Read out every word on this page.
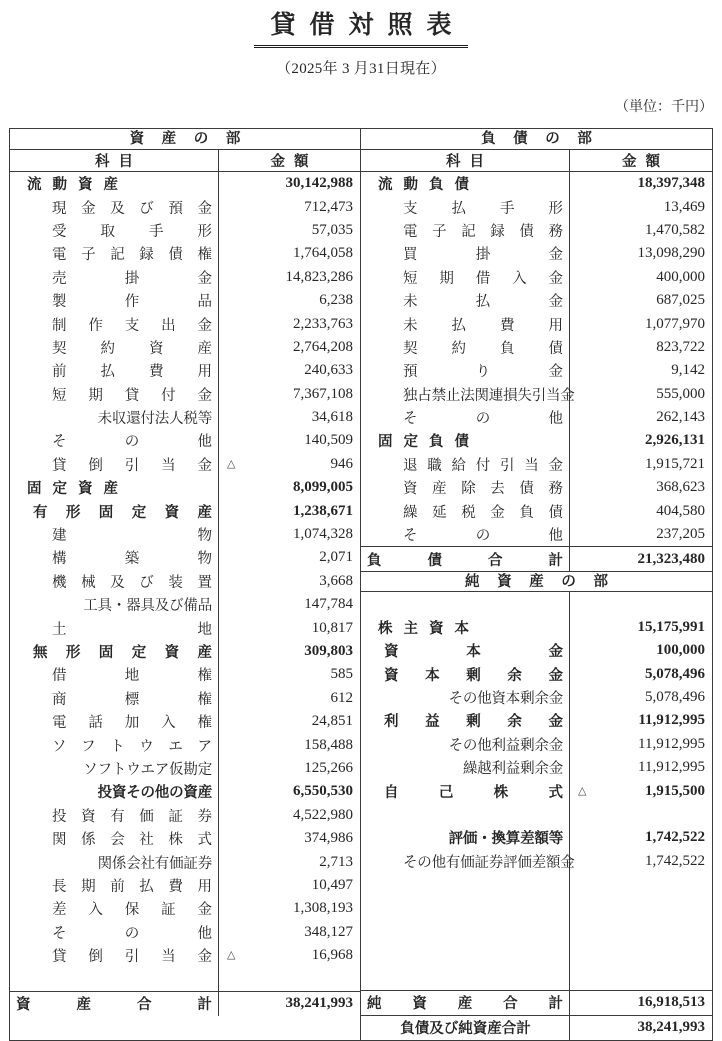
貸借対照表
（2025年 3 月31日現在）
（単位：千円）
資 産 の 部
科目	金額
流動資産	30,142,988
現金及び預金	712,473
受取手形	57,035
電子記録債権	1,764,058
売掛金	14,823,286
製作品	6,238
制作支出金	2,233,763
契約資産	2,764,208
前払費用	240,633
短期貸付金	7,367,108
未収還付法人税等	34,618
その他	140,509
貸倒引当金 △	946
固定資産	8,099,005
有形固定資産	1,238,671
建物	1,074,328
構築物	2,071
機械及び装置	3,668
工具・器具及び備品	147,784
土地	10,817
無形固定資産	309,803
借地権	585
商標権	612
電話加入権	24,851
ソフトウエア	158,488
ソフトウエア仮勘定	125,266
投資その他の資産	6,550,530
投資有価証券	4,522,980
関係会社株式	374,986
関係会社有価証券	2,713
長期前払費用	10,497
差入保証金	1,308,193
その他	348,127
貸倒引当金 △	16,968
資産合計	38,241,993
負 債 の 部
科目	金額
流動負債	18,397,348
支払手形	13,469
電子記録債務	1,470,582
買掛金	13,098,290
短期借入金	400,000
未払金	687,025
未払費用	1,077,970
契約負債	823,722
預り金	9,142
独占禁止法関連損失引当金	555,000
その他	262,143
固定負債	2,926,131
退職給付引当金	1,915,721
資産除去債務	368,623
繰延税金負債	404,580
その他	237,205
負債合計	21,323,480
純 資 産 の 部
株主資本	15,175,991
資本金	100,000
資本剰余金	5,078,496
その他資本剰余金	5,078,496
利益剰余金	11,912,995
その他利益剰余金	11,912,995
繰越利益剰余金	11,912,995
自己株式 △	1,915,500
評価・換算差額等	1,742,522
その他有価証券評価差額金	1,742,522
純資産合計	16,918,513
負債及び純資産合計	38,241,993
